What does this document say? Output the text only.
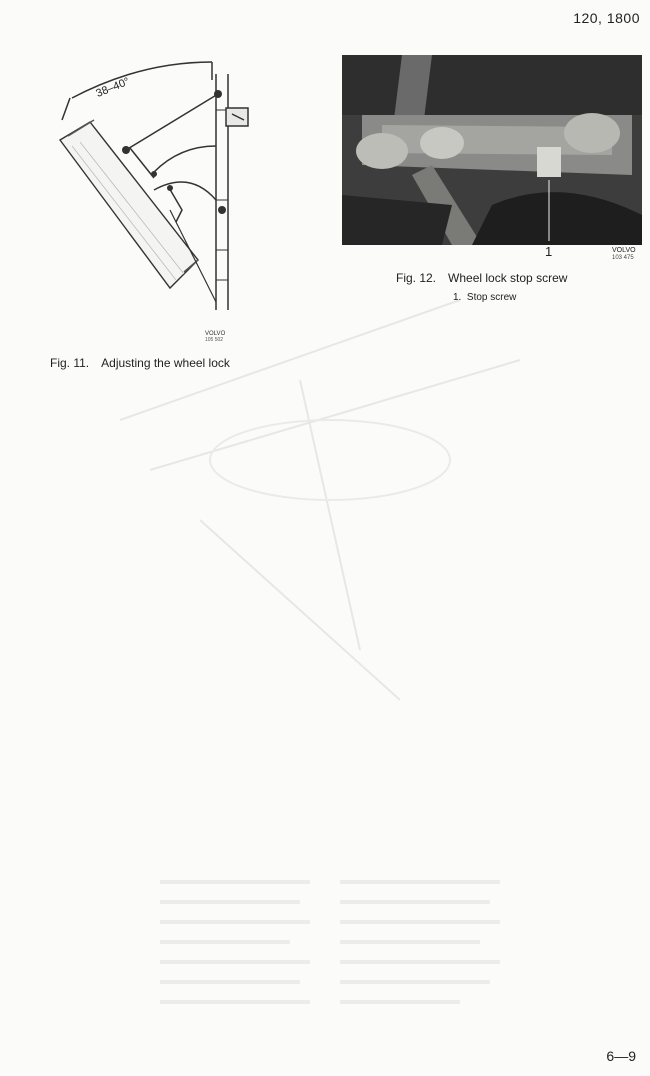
120, 1800
38–40°
VOLVO
105 502
Fig. 11. Adjusting the wheel lock
1	VOLVO
103 475
Fig. 12. Wheel lock stop screw
1. Stop screw
6—9
